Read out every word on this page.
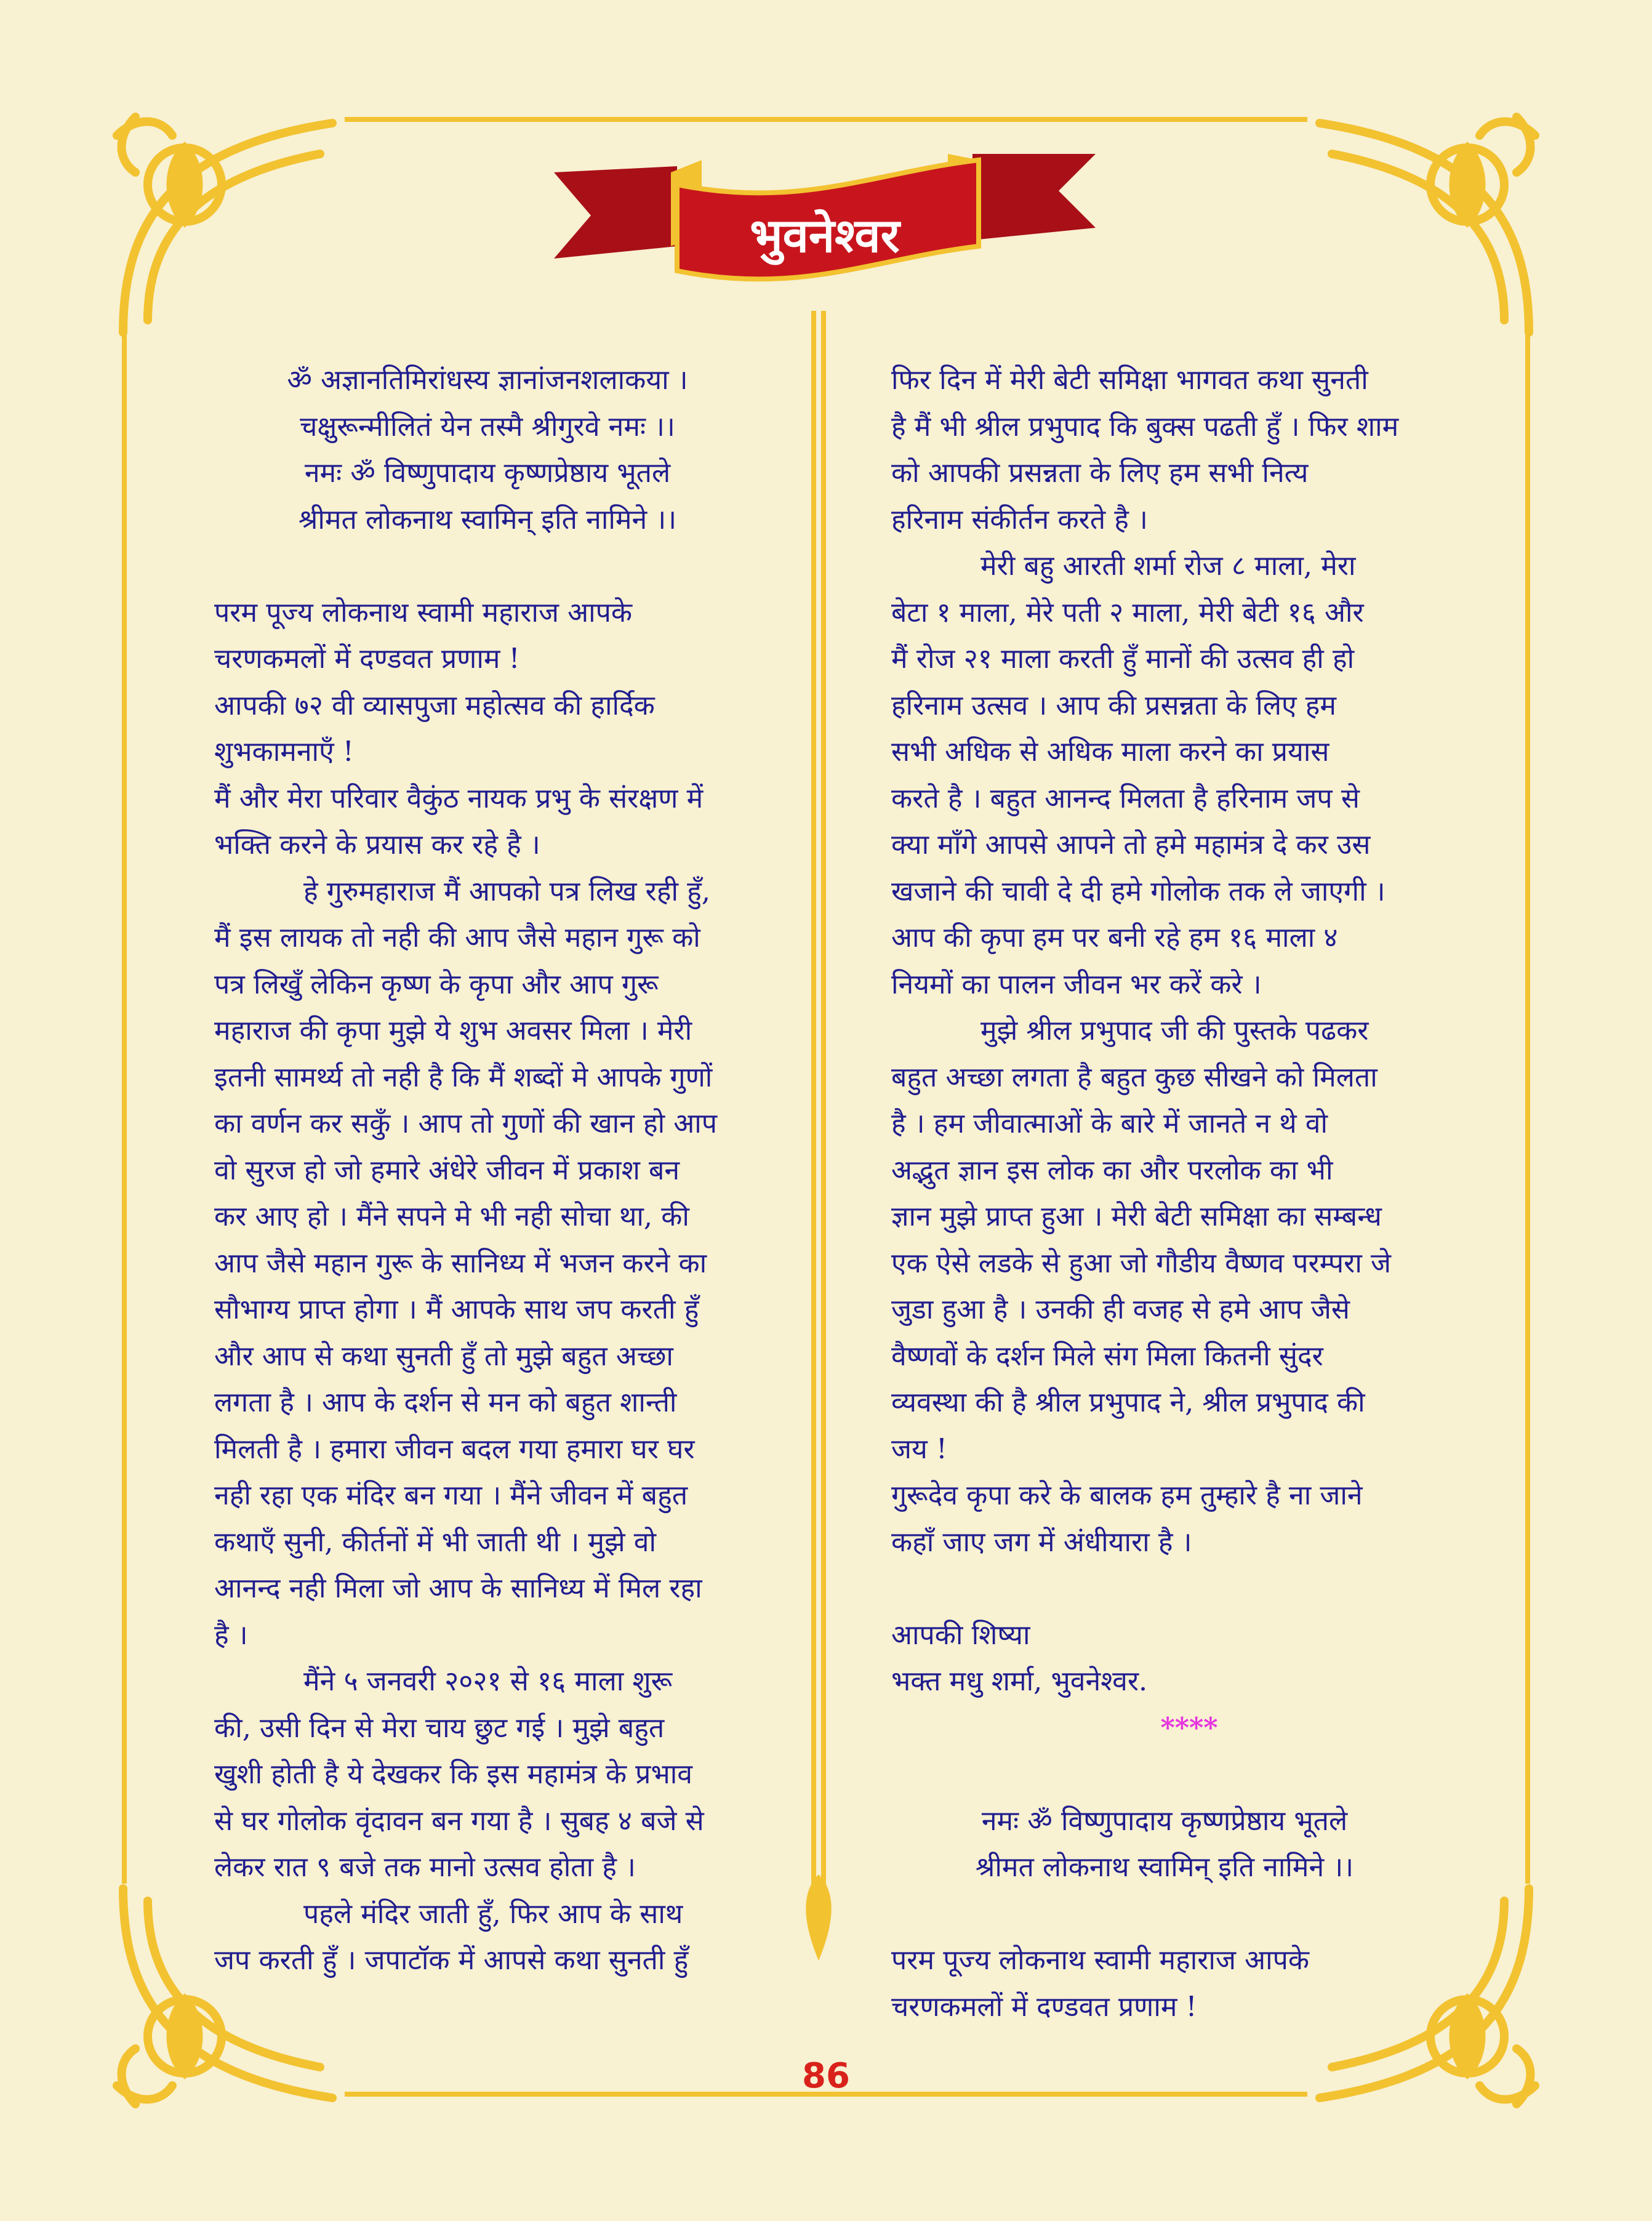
भुवनेश्वर
ॐ अज्ञानतिमिरांधस्य ज्ञानांजनशलाकया ।
चक्षुरून्मीलितं येन तस्मै श्रीगुरवे नमः ।।
नमः ॐ विष्णुपादाय कृष्णप्रेष्ठाय भूतले
श्रीमत लोकनाथ स्वामिन् इति नामिने ।।
परम पूज्य लोकनाथ स्वामी महाराज आपके
चरणकमलों में दण्डवत प्रणाम !
आपकी ७२ वी व्यासपुजा महोत्सव की हार्दिक
शुभकामनाएँ !
मैं और मेरा परिवार वैकुंठ नायक प्रभु के संरक्षण में
भक्ति करने के प्रयास कर रहे है ।
हे गुरुमहाराज मैं आपको पत्र लिख रही हुँ,
मैं इस लायक तो नही की आप जैसे महान गुरू को
पत्र लिखुँ लेकिन कृष्ण के कृपा और आप गुरू
महाराज की कृपा मुझे ये शुभ अवसर मिला । मेरी
इतनी सामर्थ्य तो नही है कि मैं शब्दों मे आपके गुणों
का वर्णन कर सकुँ । आप तो गुणों की खान हो आप
वो सुरज हो जो हमारे अंधेरे जीवन में प्रकाश बन
कर आए हो । मैंने सपने मे भी नही सोचा था, की
आप जैसे महान गुरू के सानिध्य में भजन करने का
सौभाग्य प्राप्त होगा । मैं आपके साथ जप करती हुँ
और आप से कथा सुनती हुँ तो मुझे बहुत अच्छा
लगता है । आप के दर्शन से मन को बहुत शान्ती
मिलती है । हमारा जीवन बदल गया हमारा घर घर
नही रहा एक मंदिर बन गया । मैंने जीवन में बहुत
कथाएँ सुनी, कीर्तनों में भी जाती थी । मुझे वो
आनन्द नही मिला जो आप के सानिध्य में मिल रहा
है ।
मैंने ५ जनवरी २०२१ से १६ माला शुरू
की, उसी दिन से मेरा चाय छुट गई । मुझे बहुत
खुशी होती है ये देखकर कि इस महामंत्र के प्रभाव
से घर गोलोक वृंदावन बन गया है । सुबह ४ बजे से
लेकर रात ९ बजे तक मानो उत्सव होता है ।
पहले मंदिर जाती हुँ, फिर आप के साथ
जप करती हुँ । जपाटॉक में आपसे कथा सुनती हुँ
फिर दिन में मेरी बेटी समिक्षा भागवत कथा सुनती
है मैं भी श्रील प्रभुपाद कि बुक्स पढती हुँ । फिर शाम
को आपकी प्रसन्नता के लिए हम सभी नित्य
हरिनाम संकीर्तन करते है ।
मेरी बहु आरती शर्मा रोज ८ माला, मेरा
बेटा १ माला, मेरे पती २ माला, मेरी बेटी १६ और
मैं रोज २१ माला करती हुँ मानों की उत्सव ही हो
हरिनाम उत्सव । आप की प्रसन्नता के लिए हम
सभी अधिक से अधिक माला करने का प्रयास
करते है । बहुत आनन्द मिलता है हरिनाम जप से
क्या माँगे आपसे आपने तो हमे महामंत्र दे कर उस
खजाने की चावी दे दी हमे गोलोक तक ले जाएगी ।
आप की कृपा हम पर बनी रहे हम १६ माला ४
नियमों का पालन जीवन भर करें करे ।
मुझे श्रील प्रभुपाद जी की पुस्तके पढकर
बहुत अच्छा लगता है बहुत कुछ सीखने को मिलता
है । हम जीवात्माओं के बारे में जानते न थे वो
अद्भुत ज्ञान इस लोक का और परलोक का भी
ज्ञान मुझे प्राप्त हुआ । मेरी बेटी समिक्षा का सम्बन्ध
एक ऐसे लडके से हुआ जो गौडीय वैष्णव परम्परा जे
जुडा हुआ है । उनकी ही वजह से हमे आप जैसे
वैष्णवों के दर्शन मिले संग मिला कितनी सुंदर
व्यवस्था की है श्रील प्रभुपाद ने, श्रील प्रभुपाद की
जय !
गुरूदेव कृपा करे के बालक हम तुम्हारे है ना जाने
कहाँ जाए जग में अंधीयारा है ।
आपकी शिष्या
भक्त मधु शर्मा, भुवनेश्वर.
****
नमः ॐ विष्णुपादाय कृष्णप्रेष्ठाय भूतले
श्रीमत लोकनाथ स्वामिन् इति नामिने ।।
परम पूज्य लोकनाथ स्वामी महाराज आपके
चरणकमलों में दण्डवत प्रणाम !
86
